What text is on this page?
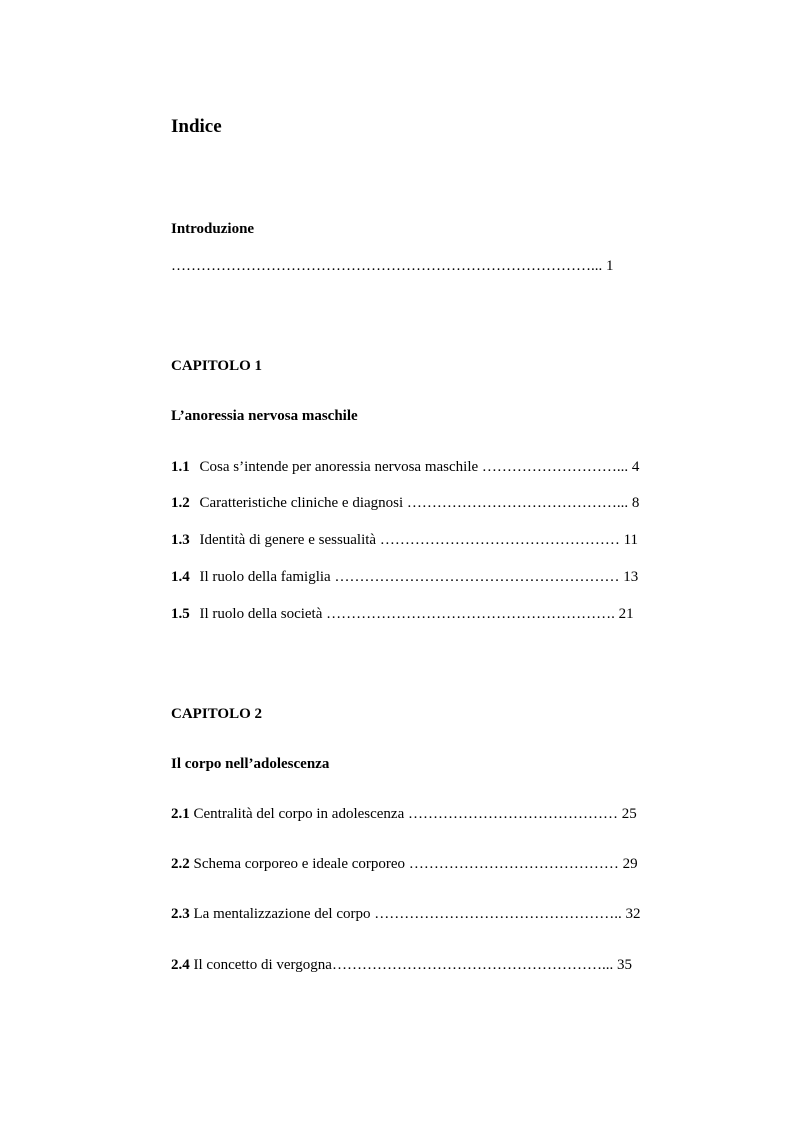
Indice
Introduzione
…………………………………………………………………………... 1
CAPITOLO 1
L’anoressia nervosa maschile
1.1 Cosa s’intende per anoressia nervosa maschile ………………………... 4
1.2 Caratteristiche cliniche e diagnosi ……………………………………... 8
1.3 Identità di genere e sessualità ………………………………………… 11
1.4 Il ruolo della famiglia ………………………………………………… 13
1.5 Il ruolo della società …………………………………………………. 21
CAPITOLO 2
Il corpo nell’adolescenza
2.1 Centralità del corpo in adolescenza …………………………………… 25
2.2 Schema corporeo e ideale corporeo …………………………………… 29
2.3 La mentalizzazione del corpo ………………………………………….. 32
2.4 Il concetto di vergogna………………………………………………... 35
